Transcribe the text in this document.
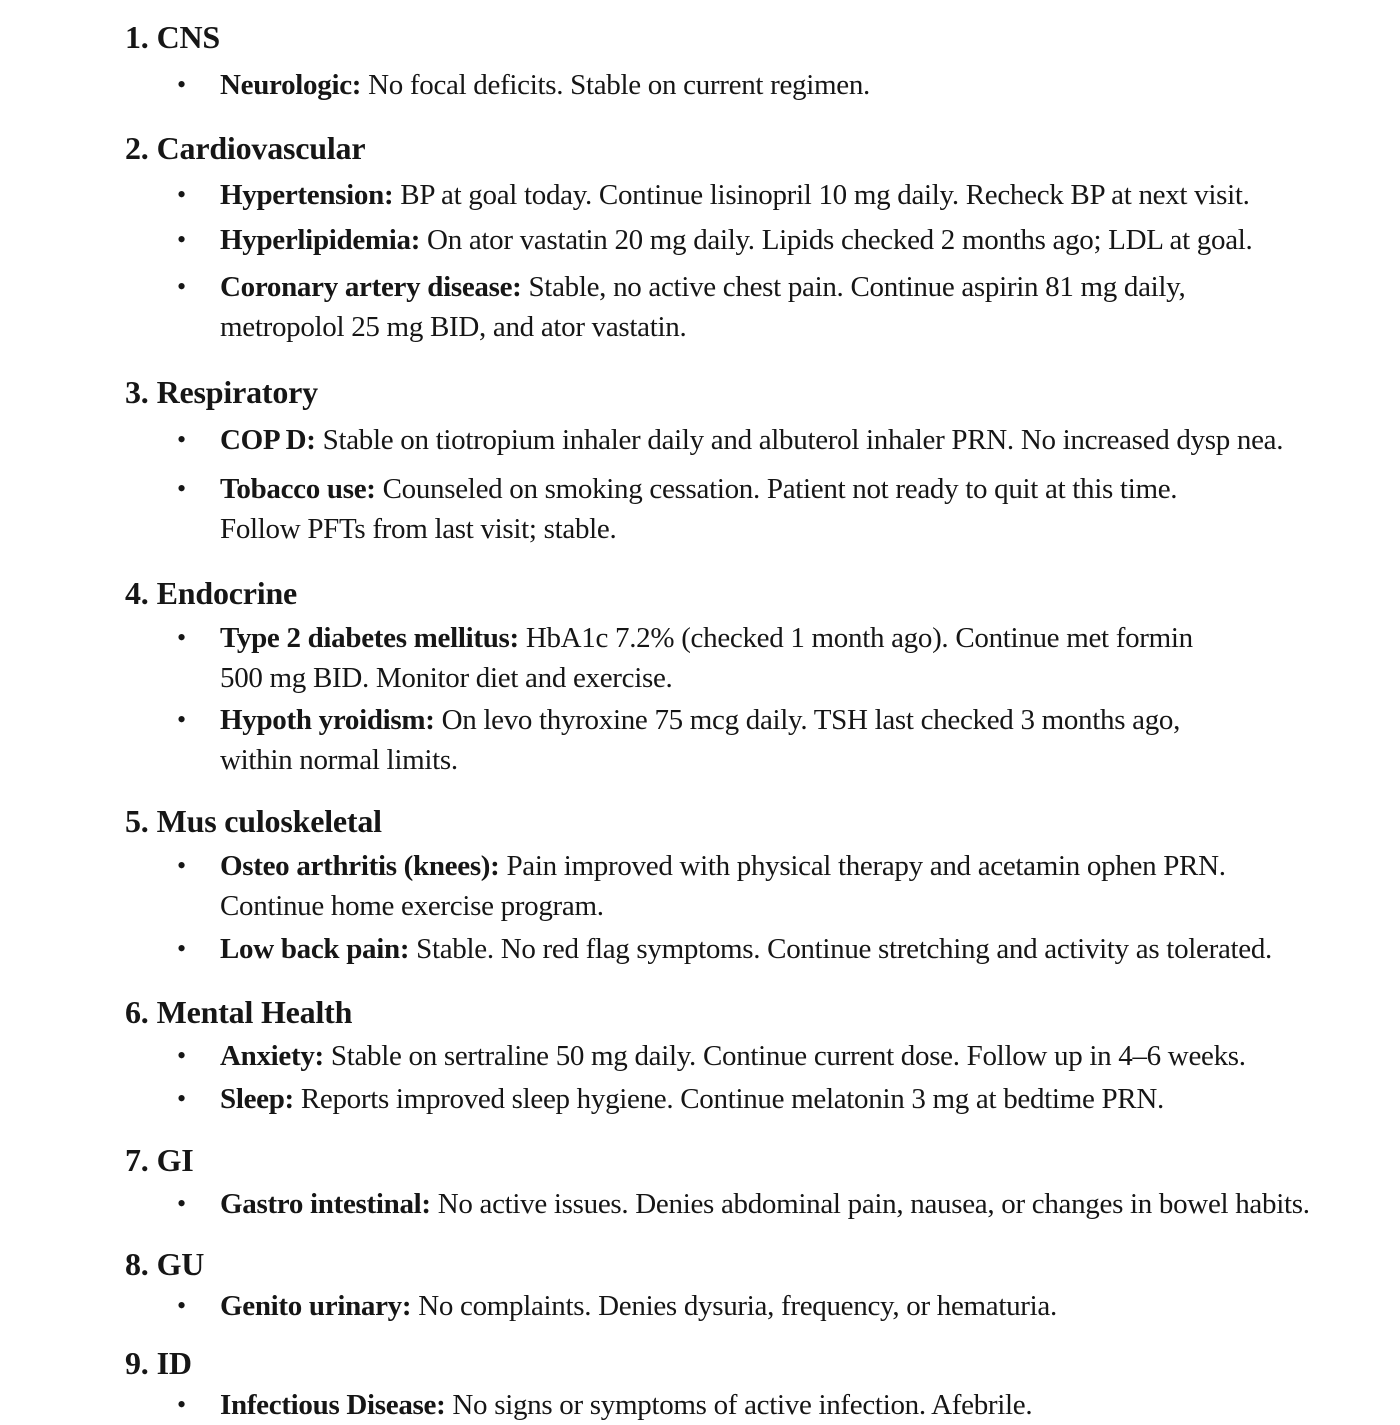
1. CNS
• Neurologic: No focal deficits. Stable on current regimen.
2. Cardiovascular
• Hypertension: BP at goal today. Continue lisinopril 10 mg daily. Recheck BP at next visit.
• Hyperlipidemia: On ator vastatin 20 mg daily. Lipids checked 2 months ago; LDL at goal.
• Coronary artery disease: Stable, no active chest pain. Continue aspirin 81 mg daily,
metropolol 25 mg BID, and ator vastatin.
3. Respiratory
• COP D: Stable on tiotropium inhaler daily and albuterol inhaler PRN. No increased dysp nea.
• Tobacco use: Counseled on smoking cessation. Patient not ready to quit at this time.
Follow PFTs from last visit; stable.
4. Endocrine
• Type 2 diabetes mellitus: HbA1c 7.2% (checked 1 month ago). Continue met formin
500 mg BID. Monitor diet and exercise.
• Hypoth yroidism: On levo thyroxine 75 mcg daily. TSH last checked 3 months ago,
within normal limits.
5. Mus culoskeletal
• Osteo arthritis (knees): Pain improved with physical therapy and acetamin ophen PRN.
Continue home exercise program.
• Low back pain: Stable. No red flag symptoms. Continue stretching and activity as tolerated.
6. Mental Health
• Anxiety: Stable on sertraline 50 mg daily. Continue current dose. Follow up in 4–6 weeks.
• Sleep: Reports improved sleep hygiene. Continue melatonin 3 mg at bedtime PRN.
7. GI
• Gastro intestinal: No active issues. Denies abdominal pain, nausea, or changes in bowel habits.
8. GU
• Genito urinary: No complaints. Denies dysuria, frequency, or hematuria.
9. ID
• Infectious Disease: No signs or symptoms of active infection. Afebrile.
